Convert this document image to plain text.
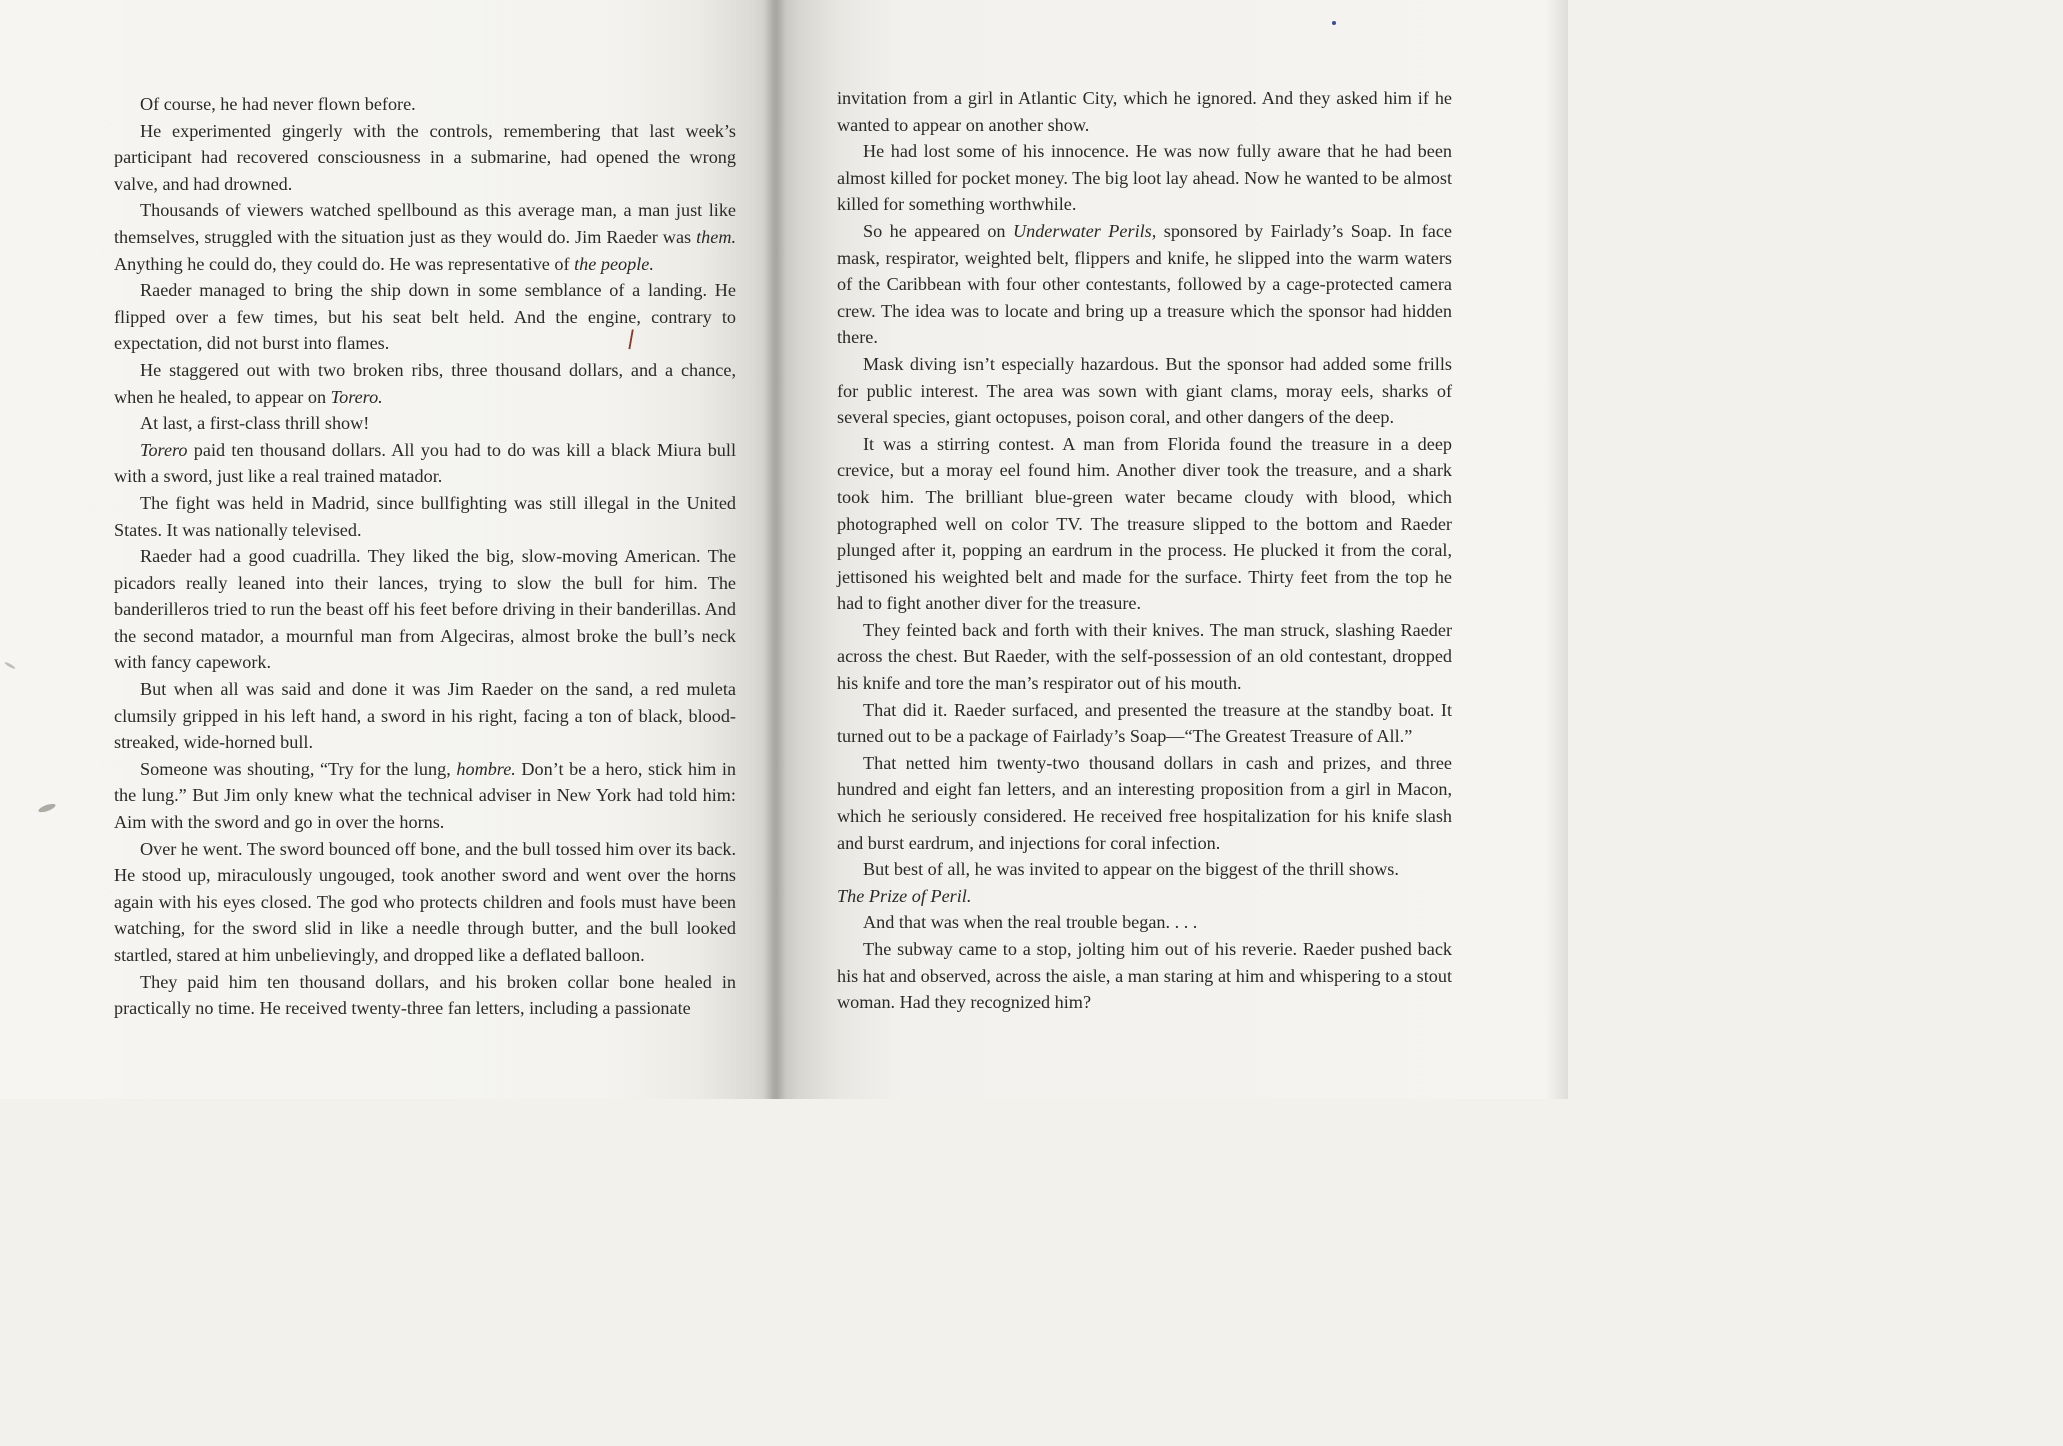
Of course, he had never flown before.

He experimented gingerly with the controls, remembering that last week’s participant had recovered consciousness in a submarine, had opened the wrong valve, and had drowned.

Thousands of viewers watched spellbound as this average man, a man just like themselves, struggled with the situation just as they would do. Jim Raeder was them. Anything he could do, they could do. He was representative of the people.

Raeder managed to bring the ship down in some semblance of a landing. He flipped over a few times, but his seat belt held. And the engine, contrary to expectation, did not burst into flames.

He staggered out with two broken ribs, three thousand dollars, and a chance, when he healed, to appear on Torero.

At last, a first-class thrill show!

Torero paid ten thousand dollars. All you had to do was kill a black Miura bull with a sword, just like a real trained matador.

The fight was held in Madrid, since bullfighting was still illegal in the United States. It was nationally televised.

Raeder had a good cuadrilla. They liked the big, slow-moving American. The picadors really leaned into their lances, trying to slow the bull for him. The banderilleros tried to run the beast off his feet before driving in their banderillas. And the second matador, a mournful man from Algeciras, almost broke the bull’s neck with fancy capework.

But when all was said and done it was Jim Raeder on the sand, a red muleta clumsily gripped in his left hand, a sword in his right, facing a ton of black, blood-streaked, wide-horned bull.

Someone was shouting, “Try for the lung, hombre. Don’t be a hero, stick him in the lung.” But Jim only knew what the technical adviser in New York had told him: Aim with the sword and go in over the horns.

Over he went. The sword bounced off bone, and the bull tossed him over its back. He stood up, miraculously ungouged, took another sword and went over the horns again with his eyes closed. The god who protects children and fools must have been watching, for the sword slid in like a needle through butter, and the bull looked startled, stared at him unbelievingly, and dropped like a deflated balloon.

They paid him ten thousand dollars, and his broken collar bone healed in practically no time. He received twenty-three fan letters, including a passionate

invitation from a girl in Atlantic City, which he ignored. And they asked him if he wanted to appear on another show.

He had lost some of his innocence. He was now fully aware that he had been almost killed for pocket money. The big loot lay ahead. Now he wanted to be almost killed for something worthwhile.

So he appeared on Underwater Perils, sponsored by Fairlady’s Soap. In face mask, respirator, weighted belt, flippers and knife, he slipped into the warm waters of the Caribbean with four other contestants, followed by a cage-protected camera crew. The idea was to locate and bring up a treasure which the sponsor had hidden there.

Mask diving isn’t especially hazardous. But the sponsor had added some frills for public interest. The area was sown with giant clams, moray eels, sharks of several species, giant octopuses, poison coral, and other dangers of the deep.

It was a stirring contest. A man from Florida found the treasure in a deep crevice, but a moray eel found him. Another diver took the treasure, and a shark took him. The brilliant blue-green water became cloudy with blood, which photographed well on color TV. The treasure slipped to the bottom and Raeder plunged after it, popping an eardrum in the process. He plucked it from the coral, jettisoned his weighted belt and made for the surface. Thirty feet from the top he had to fight another diver for the treasure.

They feinted back and forth with their knives. The man struck, slashing Raeder across the chest. But Raeder, with the self-possession of an old contestant, dropped his knife and tore the man’s respirator out of his mouth.

That did it. Raeder surfaced, and presented the treasure at the standby boat. It turned out to be a package of Fairlady’s Soap—“The Greatest Treasure of All.”

That netted him twenty-two thousand dollars in cash and prizes, and three hundred and eight fan letters, and an interesting proposition from a girl in Macon, which he seriously considered. He received free hospitalization for his knife slash and burst eardrum, and injections for coral infection.

But best of all, he was invited to appear on the biggest of the thrill shows.

The Prize of Peril.

And that was when the real trouble began. . . .

The subway came to a stop, jolting him out of his reverie. Raeder pushed back his hat and observed, across the aisle, a man staring at him and whispering to a stout woman. Had they recognized him?
